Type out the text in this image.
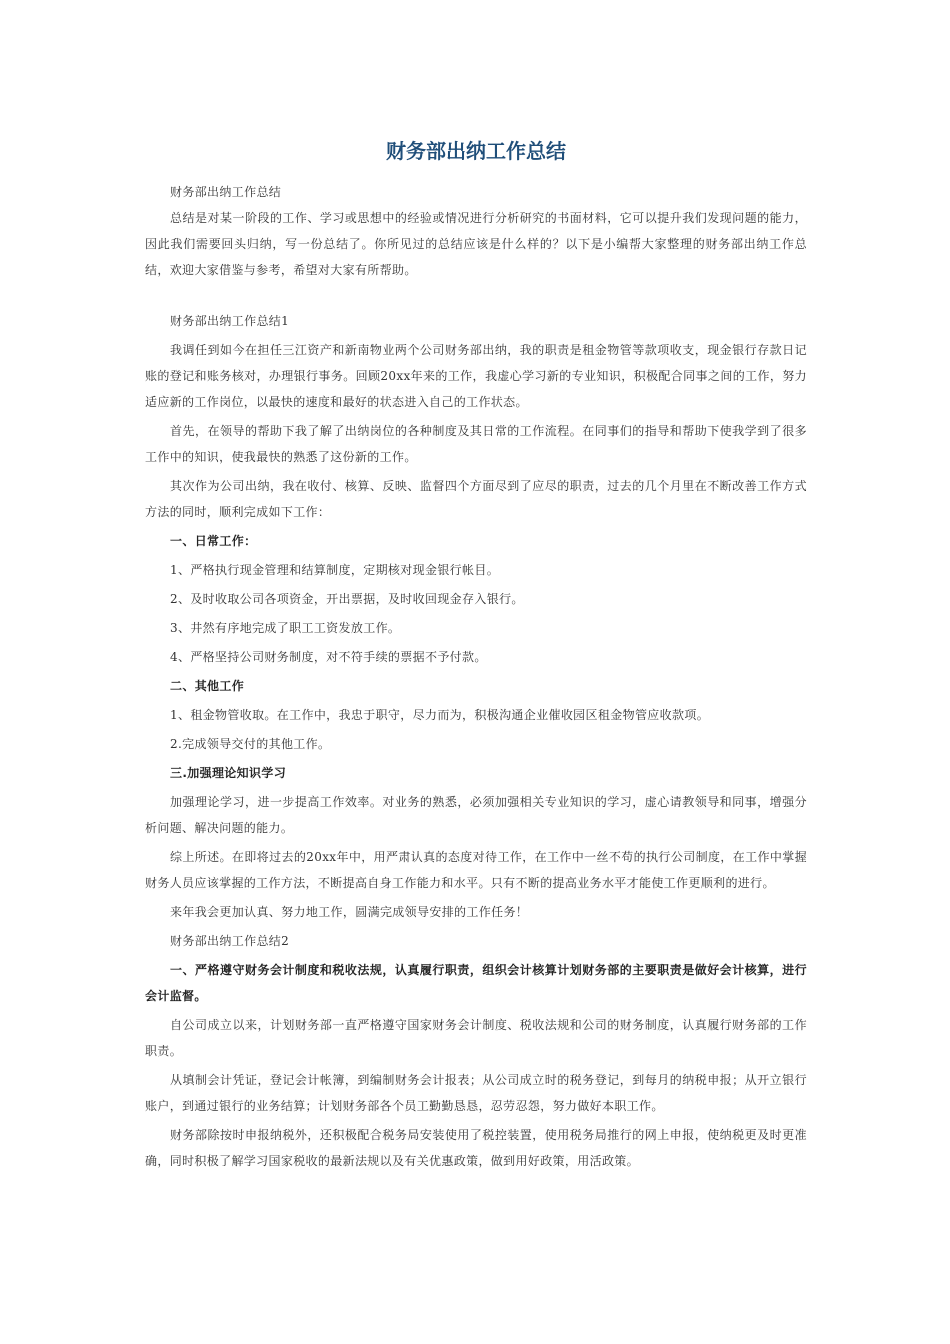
财务部出纳工作总结

财务部出纳工作总结

总结是对某一阶段的工作、学习或思想中的经验或情况进行分析研究的书面材料，它可以提升我们发现问题的能力，因此我们需要回头归纳，写一份总结了。你所见过的总结应该是什么样的？以下是小编帮大家整理的财务部出纳工作总结，欢迎大家借鉴与参考，希望对大家有所帮助。

财务部出纳工作总结1

我调任到如今在担任三江资产和新南物业两个公司财务部出纳，我的职责是租金物管等款项收支，现金银行存款日记账的登记和账务核对，办理银行事务。回顾20xx年来的工作，我虚心学习新的专业知识，积极配合同事之间的工作，努力适应新的工作岗位，以最快的速度和最好的状态进入自己的工作状态。

首先，在领导的帮助下我了解了出纳岗位的各种制度及其日常的工作流程。在同事们的指导和帮助下使我学到了很多工作中的知识，使我最快的熟悉了这份新的工作。

其次作为公司出纳，我在收付、核算、反映、监督四个方面尽到了应尽的职责，过去的几个月里在不断改善工作方式方法的同时，顺利完成如下工作：

一、日常工作：

1、严格执行现金管理和结算制度，定期核对现金银行帐目。

2、及时收取公司各项资金，开出票据，及时收回现金存入银行。

3、井然有序地完成了职工工资发放工作。

4、严格坚持公司财务制度，对不符手续的票据不予付款。

二、其他工作

1、租金物管收取。在工作中，我忠于职守，尽力而为，积极沟通企业催收园区租金物管应收款项。

2.完成领导交付的其他工作。

三.加强理论知识学习

加强理论学习，进一步提高工作效率。对业务的熟悉，必须加强相关专业知识的学习，虚心请教领导和同事，增强分析问题、解决问题的能力。

综上所述。在即将过去的20xx年中，用严肃认真的态度对待工作，在工作中一丝不苟的执行公司制度，在工作中掌握财务人员应该掌握的工作方法，不断提高自身工作能力和水平。只有不断的提高业务水平才能使工作更顺利的进行。

来年我会更加认真、努力地工作，圆满完成领导安排的工作任务！

财务部出纳工作总结2

一、严格遵守财务会计制度和税收法规，认真履行职责，组织会计核算计划财务部的主要职责是做好会计核算，进行会计监督。

自公司成立以来，计划财务部一直严格遵守国家财务会计制度、税收法规和公司的财务制度，认真履行财务部的工作职责。

从填制会计凭证，登记会计帐簿，到编制财务会计报表；从公司成立时的税务登记，到每月的纳税申报；从开立银行账户，到通过银行的业务结算；计划财务部各个员工勤勤恳恳，忍劳忍怨，努力做好本职工作。

财务部除按时申报纳税外，还积极配合税务局安装使用了税控装置，使用税务局推行的网上申报，使纳税更及时更准确，同时积极了解学习国家税收的最新法规以及有关优惠政策，做到用好政策，用活政策。
